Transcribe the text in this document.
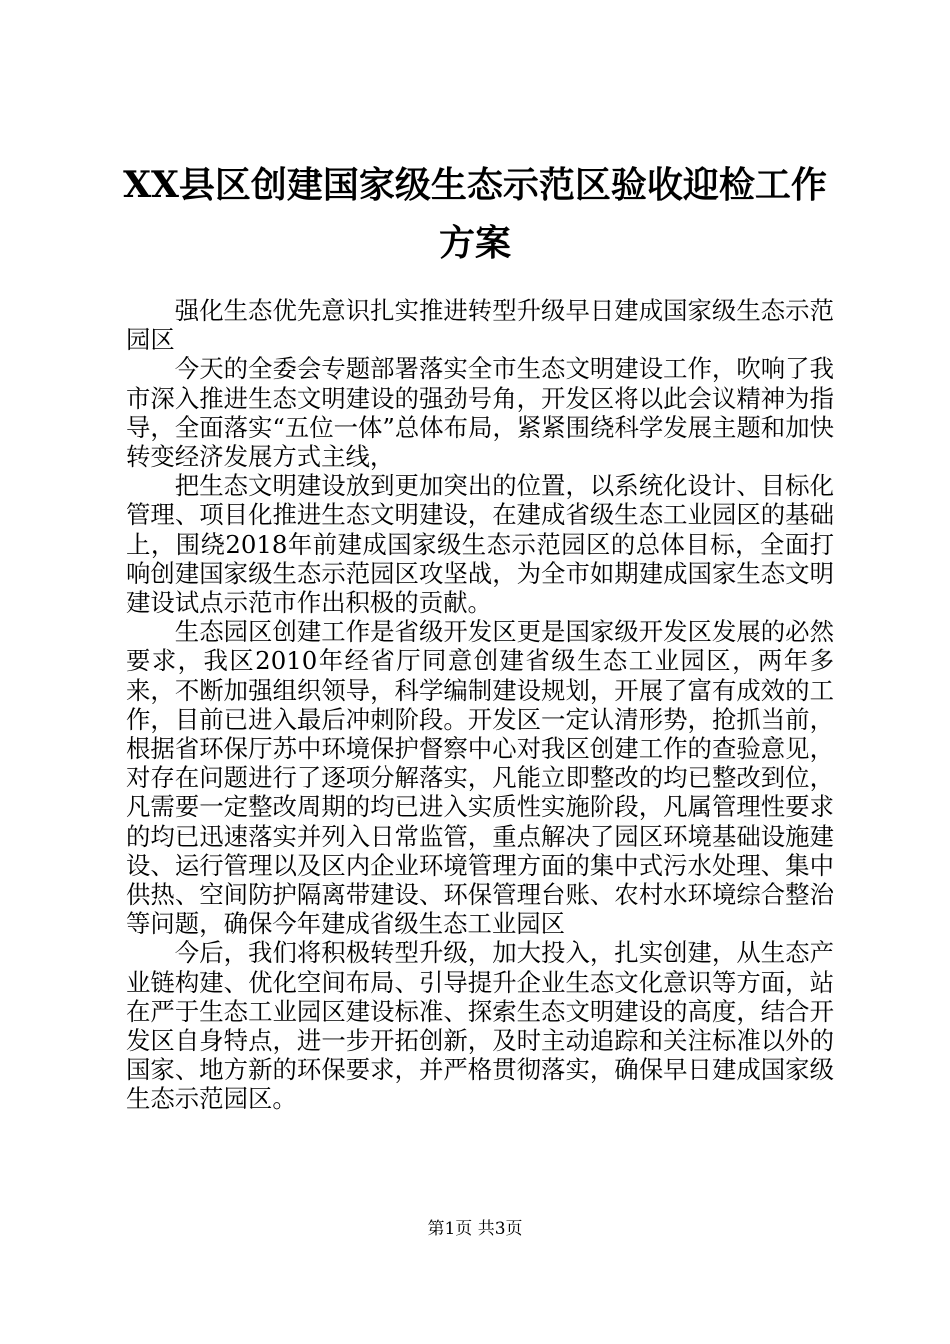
XX县区创建国家级生态示范区验收迎检工作
方案

强化生态优先意识扎实推进转型升级早日建成国家级生态示范园区

今天的全委会专题部署落实全市生态文明建设工作，吹响了我市深入推进生态文明建设的强劲号角，开发区将以此会议精神为指导，全面落实“五位一体”总体布局，紧紧围绕科学发展主题和加快转变经济发展方式主线，

把生态文明建设放到更加突出的位置，以系统化设计、目标化管理、项目化推进生态文明建设，在建成省级生态工业园区的基础上，围绕2018年前建成国家级生态示范园区的总体目标，全面打响创建国家级生态示范园区攻坚战，为全市如期建成国家生态文明建设试点示范市作出积极的贡献。

生态园区创建工作是省级开发区更是国家级开发区发展的必然要求，我区2010年经省厅同意创建省级生态工业园区，两年多来，不断加强组织领导，科学编制建设规划，开展了富有成效的工作，目前已进入最后冲刺阶段。开发区一定认清形势，抢抓当前，根据省环保厅苏中环境保护督察中心对我区创建工作的查验意见，对存在问题进行了逐项分解落实，凡能立即整改的均已整改到位，凡需要一定整改周期的均已进入实质性实施阶段，凡属管理性要求的均已迅速落实并列入日常监管，重点解决了园区环境基础设施建设、运行管理以及区内企业环境管理方面的集中式污水处理、集中供热、空间防护隔离带建设、环保管理台账、农村水环境综合整治等问题，确保今年建成省级生态工业园区

今后，我们将积极转型升级，加大投入，扎实创建，从生态产业链构建、优化空间布局、引导提升企业生态文化意识等方面，站在严于生态工业园区建设标准、探索生态文明建设的高度，结合开发区自身特点，进一步开拓创新，及时主动追踪和关注标准以外的国家、地方新的环保要求，并严格贯彻落实，确保早日建成国家级生态示范园区。

第1页 共3页
